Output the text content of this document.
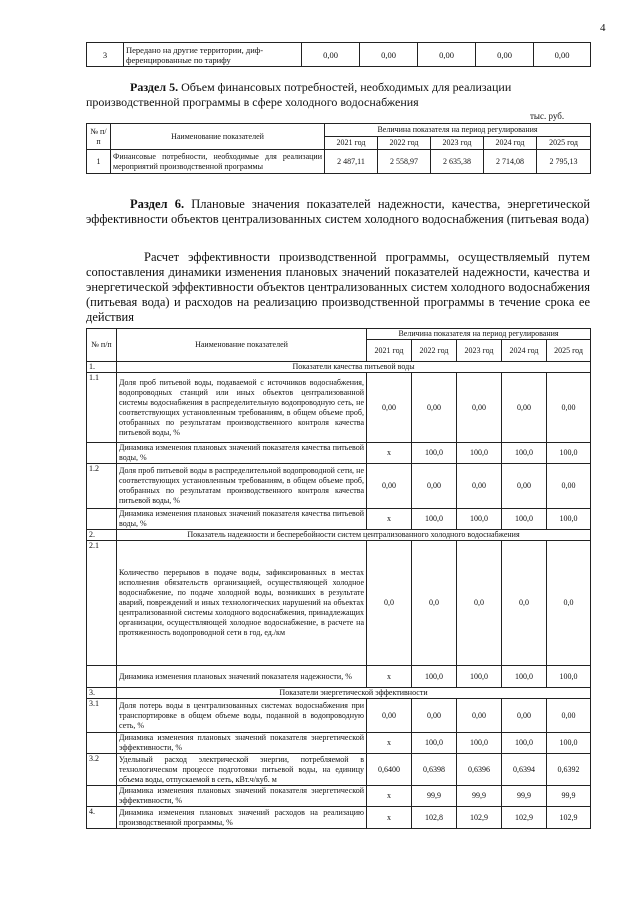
4
3	Передано на другие территории, диф-ференцированные по тарифу	0,00	0,00	0,00	0,00	0,00
Раздел 5. Объем финансовых потребностей, необходимых для реализации производственной программы в сфере холодного водоснабжения
тыс. руб.
№ п/п	Наименование показателей	Величина показателя на период регулирования				
		2021 год	2022 год	2023 год	2024 год	2025 год
1	Финансовые потребности, необходимые для реализации мероприятий производственной программы	2 487,11	2 558,97	2 635,38	2 714,08	2 795,13
Раздел 6. Плановые значения показателей надежности, качества, энергетической эффективности объектов централизованных систем холодного водоснабжения (питьевая вода)
Расчет эффективности производственной программы, осуществляемый путем сопоставления динамики изменения плановых значений показателей надежности, качества и энергетической эффективности объектов централизованных систем холодного водоснабжения (питьевая вода) и расходов на реализацию производственной программы в течение срока ее действия
№ п/п	Наименование показателей	Величина показателя на период регулирования				
		2021 год	2022 год	2023 год	2024 год	2025 год
1.	Показатели качества питьевой воды					
1.1	Доля проб питьевой воды, подаваемой с источников водоснабжения, водопроводных станций или иных объектов централизованной системы водоснабжения в распределительную водопроводную сеть, не соответствующих установленным требованиям, в общем объеме проб, отобранных по результатам производственного контроля качества питьевой воды, %	0,00	0,00	0,00	0,00	0,00
	Динамика изменения плановых значений показателя качества питьевой воды, %	x	100,0	100,0	100,0	100,0
1.2	Доля проб питьевой воды в распределительной водопроводной сети, не соответствующих установленным требованиям, в общем объеме проб, отобранных по результатам производственного контроля качества питьевой воды, %	0,00	0,00	0,00	0,00	0,00
	Динамика изменения плановых значений показателя качества питьевой воды, %	x	100,0	100,0	100,0	100,0
2.	Показатель надежности и бесперебойности систем централизованного холодного водоснабжения					
2.1	Количество перерывов в подаче воды, зафиксированных в местах исполнения обязательств организацией, осуществляющей холодное водоснабжение, по подаче холодной воды, возникших в результате аварий, повреждений и иных технологических нарушений на объектах централизованной системы холодного водоснабжения, принадлежащих организации, осуществляющей холодное водоснабжение, в расчете на протяженность водопроводной сети в год, ед./км	0,0	0,0	0,0	0,0	0,0
	Динамика изменения плановых значений показателя надежности, %	x	100,0	100,0	100,0	100,0
3.	Показатели энергетической эффективности					
3.1	Доля потерь воды в централизованных системах водоснабжения при транспортировке в общем объеме воды, поданной в водопроводную сеть, %	0,00	0,00	0,00	0,00	0,00
	Динамика изменения плановых значений показателя энергетической эффективности, %	x	100,0	100,0	100,0	100,0
3.2	Удельный расход электрической энергии, потребляемой в технологическом процессе подготовки питьевой воды, на единицу объема воды, отпускаемой в сеть, кВт.ч/куб. м	0,6400	0,6398	0,6396	0,6394	0,6392
	Динамика изменения плановых значений показателя энергетической эффективности, %	x	99,9	99,9	99,9	99,9
4.	Динамика изменения плановых значений расходов на реализацию производственной программы, %	x	102,8	102,9	102,9	102,9
